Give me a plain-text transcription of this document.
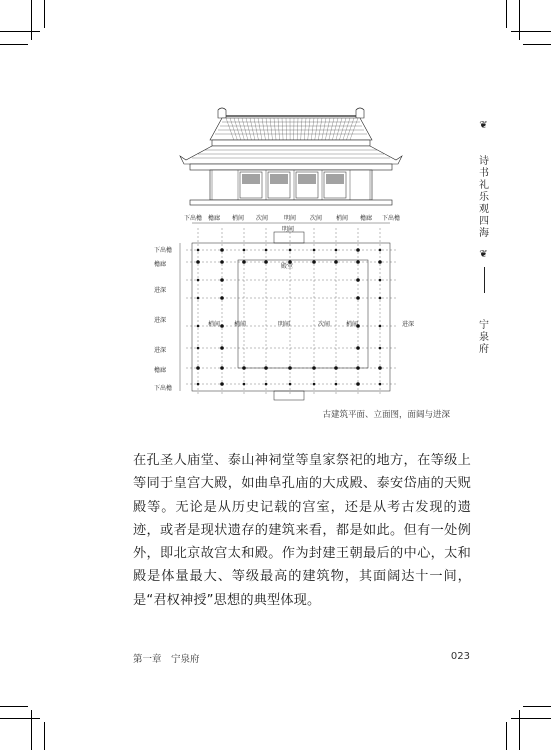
❦

诗书礼乐观四海

宁泉府

❦
下出檐 檐廊 梢间 次间	明间 次间 梢间 檐廊 下出檐
明间
下出檐
檐廊
进深
进深
进深
檐廊
下出檐
梢间 梢间	明间	次间	梢间	进深
殿堂
古建筑平面、立面图，面阔与进深

在孔圣人庙堂、泰山神祠堂等皇家祭祀的地方，在等级上等同于皇宫大殿，如曲阜孔庙的大成殿、泰安岱庙的天贶殿等。无论是从历史记载的宫室，还是从考古发现的遗迹，或者是现状遗存的建筑来看，都是如此。但有一处例外，即北京故宫太和殿。作为封建王朝最后的中心，太和殿是体量最大、等级最高的建筑物，其面阔达十一间，是“君权神授”思想的典型体现。

第一章　宁泉府	023
